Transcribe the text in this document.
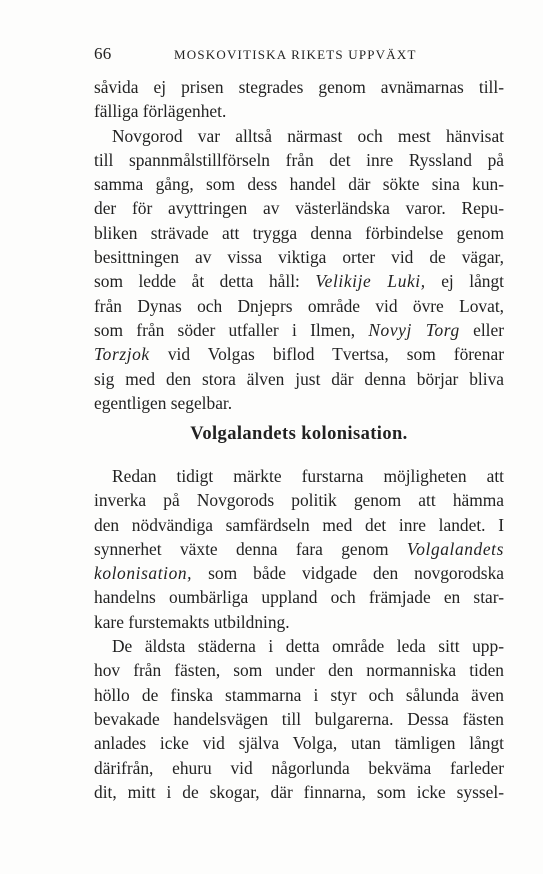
66	MOSKOVITISKA RIKETS UPPVÄXT
såvida ej prisen stegrades genom avnämarnas till-
fälliga förlägenhet.
Novgorod var alltså närmast och mest hänvisat
till spannmålstillförseln från det inre Ryssland på
samma gång, som dess handel där sökte sina kun-
der för avyttringen av västerländska varor. Repu-
bliken strävade att trygga denna förbindelse genom
besittningen av vissa viktiga orter vid de vägar,
som ledde åt detta håll: Velikije Luki, ej långt
från Dynas och Dnjeprs område vid övre Lovat,
som från söder utfaller i Ilmen, Novyj Torg eller
Torzjok vid Volgas biflod Tvertsa, som förenar
sig med den stora älven just där denna börjar bliva
egentligen segelbar.
Volgalandets kolonisation.
Redan tidigt märkte furstarna möjligheten att
inverka på Novgorods politik genom att hämma
den nödvändiga samfärdseln med det inre landet. I
synnerhet växte denna fara genom Volgalandets
kolonisation, som både vidgade den novgorodska
handelns oumbärliga uppland och främjade en star-
kare furstemakts utbildning.
De äldsta städerna i detta område leda sitt upp-
hov från fästen, som under den normanniska tiden
höllo de finska stammarna i styr och sålunda även
bevakade handelsvägen till bulgarerna. Dessa fästen
anlades icke vid själva Volga, utan tämligen långt
därifrån, ehuru vid någorlunda bekväma farleder
dit, mitt i de skogar, där finnarna, som icke syssel-
